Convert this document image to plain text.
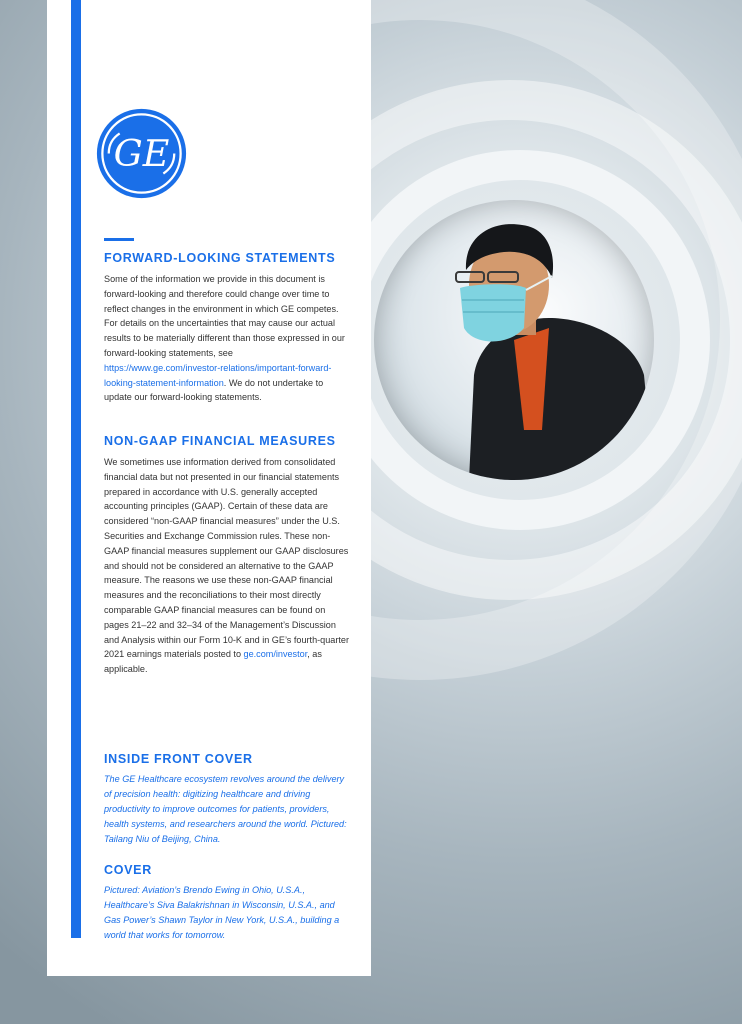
GE
FORWARD-LOOKING STATEMENTS

Some of the information we provide in this document is forward-looking and therefore could change over time to reflect changes in the environment in which GE competes. For details on the uncertainties that may cause our actual results to be materially different than those expressed in our forward-looking statements, see https://www.ge.com/investor-relations/important-forward-looking-statement-information. We do not undertake to update our forward-looking statements.

NON-GAAP FINANCIAL MEASURES

We sometimes use information derived from consolidated financial data but not presented in our financial statements prepared in accordance with U.S. generally accepted accounting principles (GAAP). Certain of these data are considered “non-GAAP financial measures” under the U.S. Securities and Exchange Commission rules. These non-GAAP financial measures supplement our GAAP disclosures and should not be considered an alternative to the GAAP measure. The reasons we use these non-GAAP financial measures and the reconciliations to their most directly comparable GAAP financial measures can be found on pages 21–22 and 32–34 of the Management’s Discussion and Analysis within our Form 10-K and in GE’s fourth-quarter 2021 earnings materials posted to ge.com/investor, as applicable.

INSIDE FRONT COVER

The GE Healthcare ecosystem revolves around the delivery of precision health: digitizing healthcare and driving productivity to improve outcomes for patients, providers, health systems, and researchers around the world. Pictured: Tailang Niu of Beijing, China.

COVER

Pictured: Aviation’s Brendo Ewing in Ohio, U.S.A., Healthcare’s Siva Balakrishnan in Wisconsin, U.S.A., and Gas Power’s Shawn Taylor in New York, U.S.A., building a world that works for tomorrow.
